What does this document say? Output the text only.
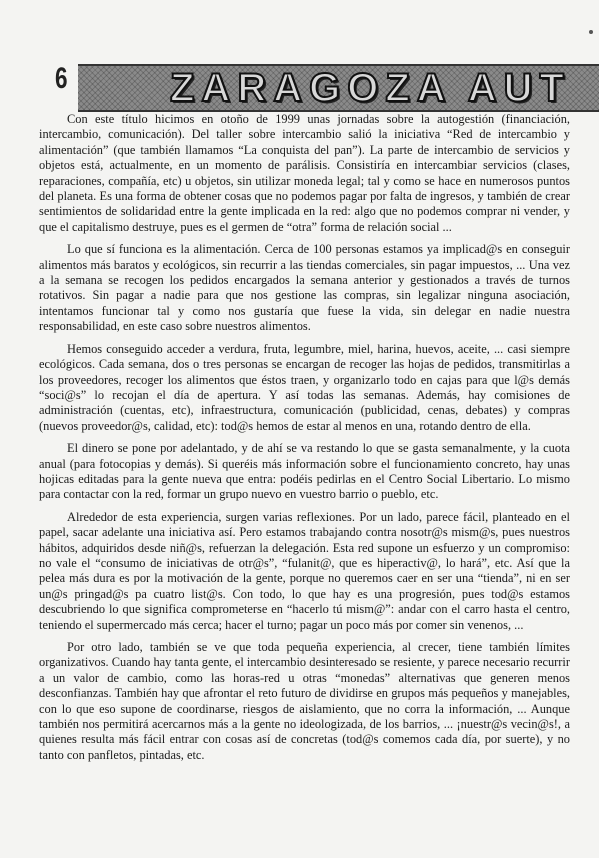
6	ZARAGOZA AUT

Con este título hicimos en otoño de 1999 unas jornadas sobre la autogestión (financiación, intercambio, comunicación). Del taller sobre intercambio salió la iniciativa “Red de intercambio y alimentación” (que también llamamos “La conquista del pan”). La parte de intercambio de servicios y objetos está, actualmente, en un momento de parálisis. Consistiría en intercambiar servicios (clases, reparaciones, compañía, etc) u objetos, sin utilizar moneda legal; tal y como se hace en numerosos puntos del planeta. Es una forma de obtener cosas que no podemos pagar por falta de ingresos, y también de crear sentimientos de solidaridad entre la gente implicada en la red: algo que no podemos comprar ni vender, y que el capitalismo destruye, pues es el germen de “otra” forma de relación social ...

Lo que sí funciona es la alimentación. Cerca de 100 personas estamos ya implicad@s en conseguir alimentos más baratos y ecológicos, sin recurrir a las tiendas comerciales, sin pagar impuestos, ... Una vez a la semana se recogen los pedidos encargados la semana anterior y gestionados a través de turnos rotativos. Sin pagar a nadie para que nos gestione las compras, sin legalizar ninguna asociación, intentamos funcionar tal y como nos gustaría que fuese la vida, sin delegar en nadie nuestra responsabilidad, en este caso sobre nuestros alimentos.

Hemos conseguido acceder a verdura, fruta, legumbre, miel, harina, huevos, aceite, ... casi siempre ecológicos. Cada semana, dos o tres personas se encargan de recoger las hojas de pedidos, transmitirlas a los proveedores, recoger los alimentos que éstos traen, y organizarlo todo en cajas para que l@s demás “soci@s” lo recojan el día de apertura. Y así todas las semanas. Además, hay comisiones de administración (cuentas, etc), infraestructura, comunicación (publicidad, cenas, debates) y compras (nuevos proveedor@s, calidad, etc): tod@s hemos de estar al menos en una, rotando dentro de ella.

El dinero se pone por adelantado, y de ahí se va restando lo que se gasta semanalmente, y la cuota anual (para fotocopias y demás). Si queréis más información sobre el funcionamiento concreto, hay unas hojicas editadas para la gente nueva que entra: podéis pedirlas en el Centro Social Libertario. Lo mismo para contactar con la red, formar un grupo nuevo en vuestro barrio o pueblo, etc.

Alrededor de esta experiencia, surgen varias reflexiones. Por un lado, parece fácil, planteado en el papel, sacar adelante una iniciativa así. Pero estamos trabajando contra nosotr@s mism@s, pues nuestros hábitos, adquiridos desde niñ@s, refuerzan la delegación. Esta red supone un esfuerzo y un compromiso: no vale el “consumo de iniciativas de otr@s”, “fulanit@, que es hiperactiv@, lo hará”, etc. Así que la pelea más dura es por la motivación de la gente, porque no queremos caer en ser una “tienda”, ni en ser un@s pringad@s pa cuatro list@s. Con todo, lo que hay es una progresión, pues tod@s estamos descubriendo lo que significa comprometerse en “hacerlo tú mism@”: andar con el carro hasta el centro, teniendo el supermercado más cerca; hacer el turno; pagar un poco más por comer sin venenos, ...

Por otro lado, también se ve que toda pequeña experiencia, al crecer, tiene también límites organizativos. Cuando hay tanta gente, el intercambio desinteresado se resiente, y parece necesario recurrir a un valor de cambio, como las horas-red u otras “monedas” alternativas que generen menos desconfianzas. También hay que afrontar el reto futuro de dividirse en grupos más pequeños y manejables, con lo que eso supone de coordinarse, riesgos de aislamiento, que no corra la información, ... Aunque también nos permitirá acercarnos más a la gente no ideologizada, de los barrios, ... ¡nuestr@s vecin@s!, a quienes resulta más fácil entrar con cosas así de concretas (tod@s comemos cada día, por suerte), y no tanto con panfletos, pintadas, etc.
